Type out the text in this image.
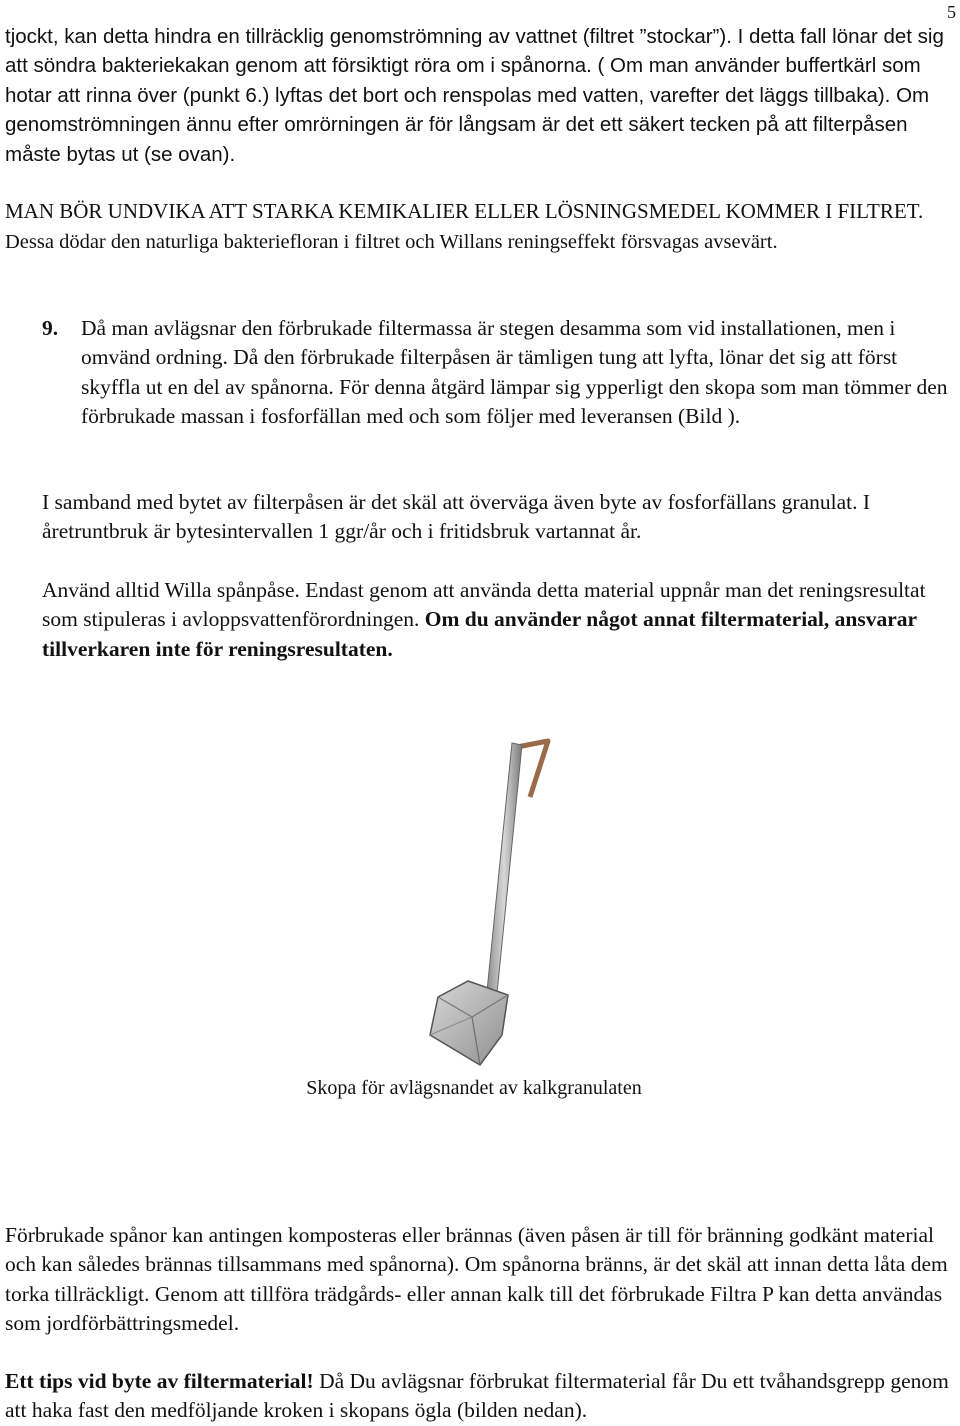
5

tjockt, kan detta hindra en tillräcklig genomströmning av vattnet (filtret ”stockar”). I detta fall lönar det sig att söndra bakteriekakan genom att försiktigt röra om i spånorna. ( Om man använder buffertkärl som hotar att rinna över (punkt 6.) lyftas det bort och renspolas med vatten, varefter det läggs tillbaka). Om genomströmningen ännu efter omrörningen är för långsam är det ett säkert tecken på att filterpåsen måste bytas ut (se ovan).

MAN BÖR UNDVIKA ATT STARKA KEMIKALIER ELLER LÖSNINGSMEDEL KOMMER I FILTRET. Dessa dödar den naturliga bakteriefloran i filtret och Willans reningseffekt försvagas avsevärt.

9. Då man avlägsnar den förbrukade filtermassa är stegen desamma som vid installationen, men i omvänd ordning. Då den förbrukade filterpåsen är tämligen tung att lyfta, lönar det sig att först skyffla ut en del av spånorna. För denna åtgärd lämpar sig ypperligt den skopa som man tömmer den förbrukade massan i fosforfällan med och som följer med leveransen (Bild ).

I samband med bytet av filterpåsen är det skäl att överväga även byte av fosforfällans granulat. I åretruntbruk är bytesintervallen 1 ggr/år och i fritidsbruk vartannat år.

Använd alltid Willa spånpåse. Endast genom att använda detta material uppnår man det reningsresultat som stipuleras i avloppsvattenförordningen. Om du använder något annat filtermaterial, ansvarar tillverkaren inte för reningsresultaten.

Skopa för avlägsnandet av kalkgranulaten

Förbrukade spånor kan antingen komposteras eller brännas (även påsen är till för bränning godkänt material och kan således brännas tillsammans med spånorna). Om spånorna bränns, är det skäl att innan detta låta dem torka tillräckligt. Genom att tillföra trädgårds- eller annan kalk till det förbrukade Filtra P kan detta användas som jordförbättringsmedel.

Ett tips vid byte av filtermaterial! Då Du avlägsnar förbrukat filtermaterial får Du ett tvåhandsgrepp genom att haka fast den medföljande kroken i skopans ögla (bilden nedan).
